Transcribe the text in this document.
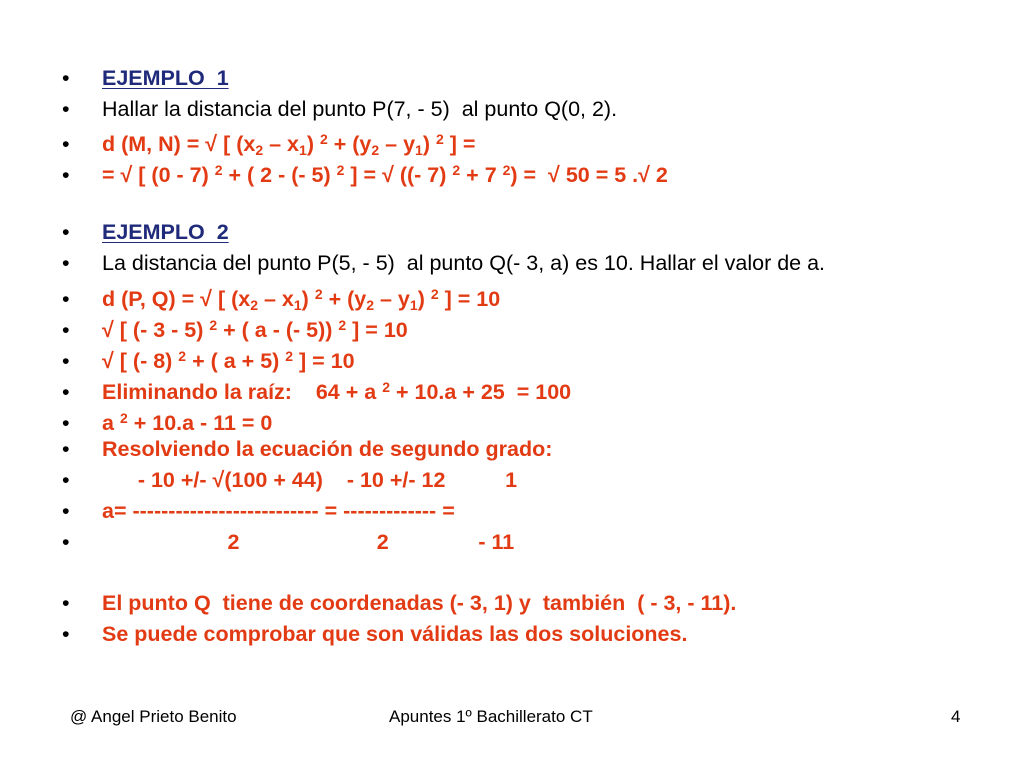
• EJEMPLO  1
• Hallar la distancia del punto P(7, - 5)  al punto Q(0, 2).
• d (M, N) = √ [ $(x_2 - x_1) ^2 + (y_2 - y_1)$ $^2$ ] =
• = √ [ (0 - 7) $^2$ + ( 2 - (- 5) $^2$ ] = √ ((- 7) $^2$ + 7 $^2$) =  √ 50 = 5 .√ 2
• EJEMPLO  2
• La distancia del punto P(5, - 5)  al punto Q(- 3, a) es 10. Hallar el valor de a.
• d (P, Q) = √ [ $(x_2 - x_1) ^2 + (y_2 - y_1)$ $^2$ ] = 10
• √ [ (- 3 - 5) $^2$ + ( a - (- 5)) $^2$ ] = 10
• √ [ (- 8) $^2$ + ( a + 5) $^2$ ] = 10
• Eliminando la raíz:    64 + a $^2$ + 10.a + 25  = 100
• a $^2$ + 10.a - 11 = 0
• Resolviendo la ecuación de segundo grado:
•      - 10 +/- √(100 + 44)    - 10 +/- 12          1
• a= -------------------------- = ------------- =
•                     2                       2               - 11
• El punto Q  tiene de coordenadas (- 3, 1) y  también  ( - 3, - 11).
• Se puede comprobar que son válidas las dos soluciones.
@ Angel Prieto Benito	Apuntes 1º Bachillerato CT	4
